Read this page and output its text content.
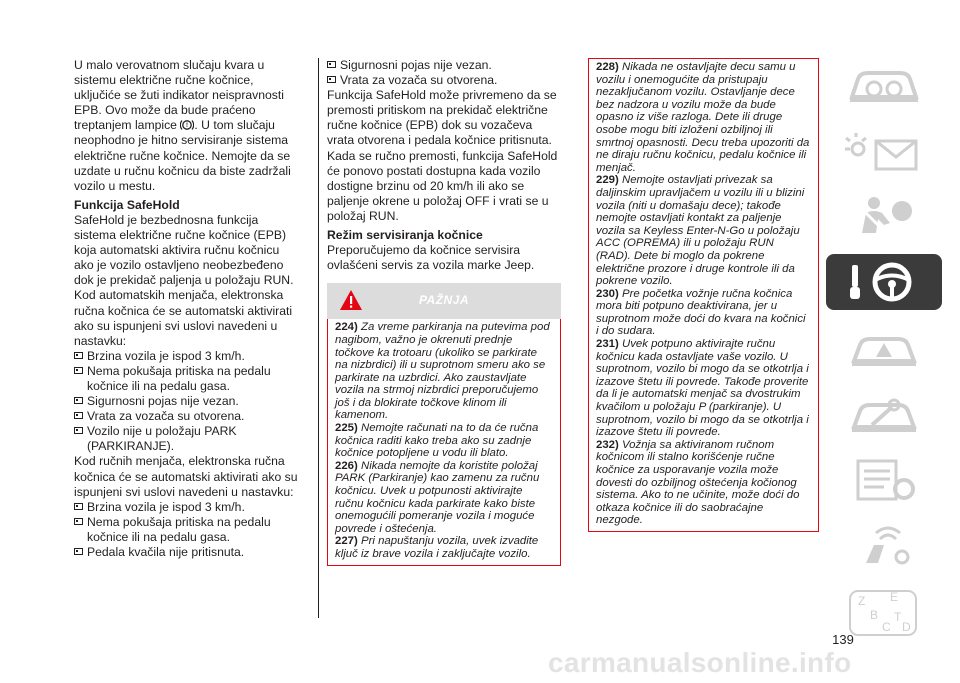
U malo verovatnom slučaju kvara u sistemu električne ručne kočnice, uključiće se žuti indikator neispravnosti EPB. Ovo može da bude praćeno treptanjem lampice ! . U tom slučaju neophodno je hitno servisiranje sistema električne ručne kočnice. Nemojte da se uzdate u ručnu kočnicu da biste zadržali vozilo u mestu.

Funkcija SafeHold

SafeHold je bezbednosna funkcija sistema električne ručne kočnice (EPB) koja automatski aktivira ručnu kočnicu ako je vozilo ostavljeno neobezbeđeno dok je prekidač paljenja u položaju RUN. Kod automatskih menjača, elektronska ručna kočnica će se automatski aktivirati ako su ispunjeni svi uslovi navedeni u nastavku:

Brzina vozila je ispod 3 km/h.
Nema pokušaja pritiska na pedalu kočnice ili na pedalu gasa.
Sigurnosni pojas nije vezan.
Vrata za vozača su otvorena.
Vozilo nije u položaju PARK (PARKIRANJE).

Kod ručnih menjača, elektronska ručna kočnica će se automatski aktivirati ako su ispunjeni svi uslovi navedeni u nastavku:

Brzina vozila je ispod 3 km/h.
Nema pokušaja pritiska na pedalu kočnice ili na pedalu gasa.
Pedala kvačila nije pritisnuta.
Sigurnosni pojas nije vezan.
Vrata za vozača su otvorena.

Funkcija SafeHold može privremeno da se premosti pritiskom na prekidač električne ručne kočnice (EPB) dok su vozačeva vrata otvorena i pedala kočnice pritisnuta. Kada se ručno premosti, funkcija SafeHold će ponovo postati dostupna kada vozilo dostigne brzinu od 20 km/h ili ako se paljenje okrene u položaj OFF i vrati se u položaj RUN.

Režim servisiranja kočnice

Preporučujemo da kočnice servisira ovlašćeni servis za vozila marke Jeep.

PAŽNJA
224) Za vreme parkiranja na putevima pod nagibom, važno je okrenuti prednje točkove ka trotoaru (ukoliko se parkirate na nizbrdici) ili u suprotnom smeru ako se parkirate na uzbrdici. Ako zaustavljate vozila na strmoj nizbrdici preporučujemo još i da blokirate točkove klinom ili kamenom.
225) Nemojte računati na to da će ručna kočnica raditi kako treba ako su zadnje kočnice potopljene u vodu ili blato.
226) Nikada nemojte da koristite položaj PARK (Parkiranje) kao zamenu za ručnu kočnicu. Uvek u potpunosti aktivirajte ručnu kočnicu kada parkirate kako biste onemogućili pomeranje vozila i moguće povrede i oštećenja.
227) Pri napuštanju vozila, uvek izvadite ključ iz brave vozila i zaključajte vozilo.
228) Nikada ne ostavljajte decu samu u vozilu i onemogućite da pristupaju nezaključanom vozilu. Ostavljanje dece bez nadzora u vozilu može da bude opasno iz više razloga. Dete ili druge osobe mogu biti izloženi ozbiljnoj ili smrtnoj opasnosti. Decu treba upozoriti da ne diraju ručnu kočnicu, pedalu kočnice ili menjač.
229) Nemojte ostavljati privezak sa daljinskim upravljačem u vozilu ili u blizini vozila (niti u domašaju dece); takođe nemojte ostavljati kontakt za paljenje vozila sa Keyless Enter-N-Go u položaju ACC (OPREMA) ili u položaju RUN (RAD). Dete bi moglo da pokrene električne prozore i druge kontrole ili da pokrene vozilo.
230) Pre početka vožnje ručna kočnica mora biti potpuno deaktivirana, jer u suprotnom može doći do kvara na kočnici i do sudara.
231) Uvek potpuno aktivirajte ručnu kočnicu kada ostavljate vaše vozilo. U suprotnom, vozilo bi mogo da se otkotrlja i izazove štetu ili povrede. Takođe proverite da li je automatski menjač sa dvostrukim kvačilom u položaju P (parkiranje). U suprotnom, vozilo bi mogo da se otkotrlja i izazove štetu ili povrede.
232) Vožnja sa aktiviranom ručnom kočnicom ili stalno korišćenje ručne kočnice za usporavanje vozila može dovesti do ozbiljnog oštećenja kočionog sistema. Ako to ne učinite, može doći do otkaza kočnice ili do saobraćajne nezgode.
Z E
B
C
T
D
139
carmanualsonline.info
